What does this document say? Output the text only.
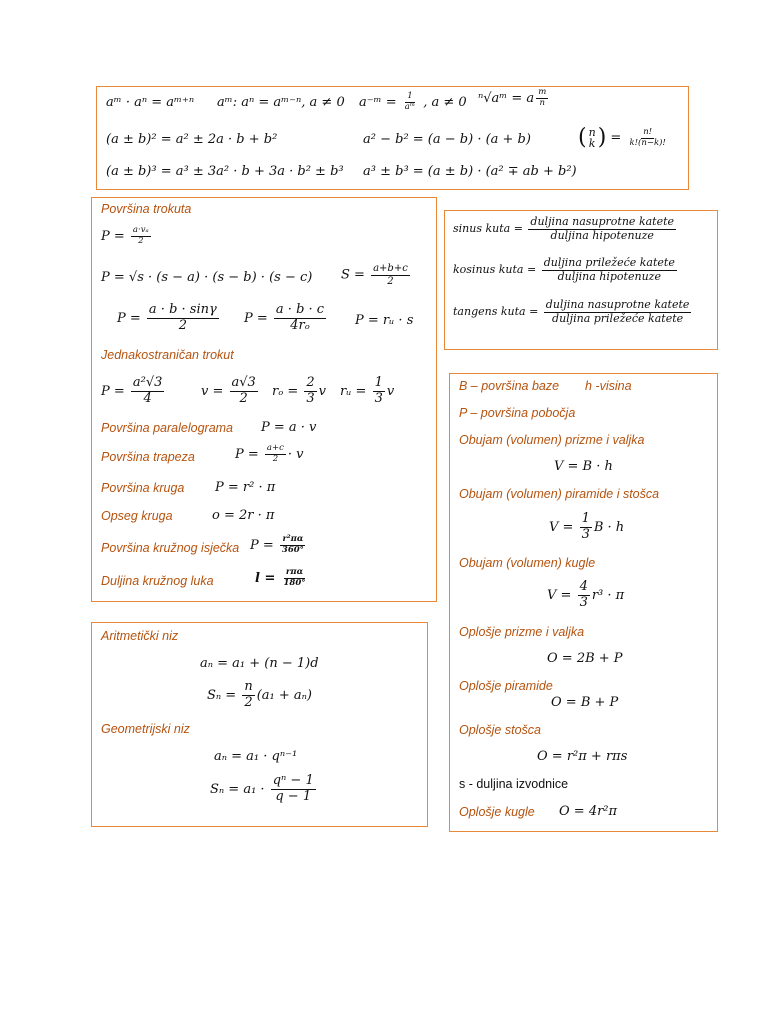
aᵐ · aⁿ = aᵐ⁺ⁿ aᵐ: aⁿ = aᵐ⁻ⁿ, a ≠ 0 a⁻ᵐ = $\frac{1}{\text{aᵐ}}$ , a ≠ 0 ⁿ√aᵐ = a $\frac{m}{n}$
(a ± b)² = a² ± 2a · b + b²	a² − b² = (a − b) · (a + b) ( n
k ) = $\frac{n!}{k!(n-k)!}$
(a ± b)³ = a³ ± 3a² · b + 3a · b² ± b³ a³ ± b³ = (a ± b) · (a² ∓ ab + b²)
Površina trokuta
$P = \frac{\text{a·vₐ}}{2}$
P = √s · (s − a) · (s − b) · (s − c) $S = \frac{a+b+c}{2}$
$P = \frac{a \cdot b \cdot \sin\gamma}{2}$ $P = \frac{a \cdot b \cdot c}{\text{4rₒ}}$ P = rᵤ · s
Jednakostraničan trokut
$P = \frac{\text{a²√3}}{4}$	$v = \frac{a√3}{2}$ $r_o = \frac{2}{3}$ v rᵤ = $\frac{1}{3}$ v
Površina paralelograma P = a · v
Površina trapeza	$P = \frac{a+c}{2} \cdot v$
Površina kruga P = r² · π
Opseg kruga	o = 2r · π
Površina kružnog isječka $P = \frac{\text{r²πα}}{360^\circ}$
Duljina kružnog luka	$l = \frac{\text{rπα}}{180^\circ}$
sinus kuta = $\frac{\text{duljina nasuprotne katete}}{\text{duljina hipotenuze}}$
kosinus kuta = $\frac{\text{duljina priležeće katete}}{\text{duljina hipotenuze}}$
tangens kuta = $\frac{\text{duljina nasuprotne katete}}{\text{duljina priležeće katete}}$
B – površina baze h -visina
P – površina pobočja
Obujam (volumen) prizme i valjka
V = B · h
Obujam (volumen) piramide i stošca
$V = \frac{1}{3}$ B · h
Obujam (volumen) kugle
$V = \frac{4}{3} r^3 \cdot \pi$
Oplošje prizme i valjka
O = 2B + P
Oplošje piramide
O = B + P
Oplošje stošca
O = r²π + rπs
s - duljina izvodnice
Oplošje kugle O = 4r²π
Aritmetički niz
aₙ = a₁ + (n − 1)d
$S_n = \frac{n}{2} (a_1 + a_n)$
Geometrijski niz
aₙ = a₁ · qⁿ⁻¹
$S_n = a_1 \cdot \frac{\text{qⁿ − 1}}{q - 1}$
